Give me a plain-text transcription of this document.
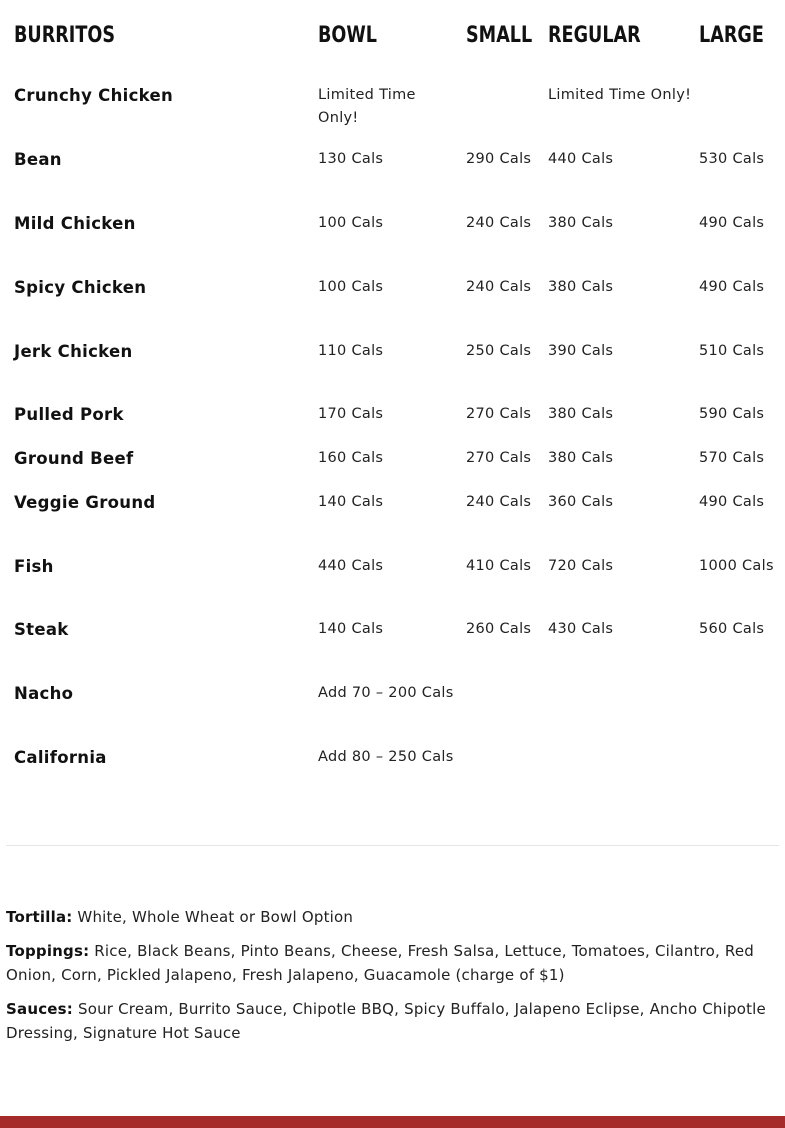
BURRITOS	BOWL	SMALL	REGULAR	LARGE
Crunchy Chicken	Limited Time Only!		Limited Time Only!	
Bean	130 Cals	290 Cals	440 Cals	530 Cals
Mild Chicken	100 Cals	240 Cals	380 Cals	490 Cals
Spicy Chicken	100 Cals	240 Cals	380 Cals	490 Cals
Jerk Chicken	110 Cals	250 Cals	390 Cals	510 Cals
Pulled Pork	170 Cals	270 Cals	380 Cals	590 Cals
Ground Beef	160 Cals	270 Cals	380 Cals	570 Cals
Veggie Ground	140 Cals	240 Cals	360 Cals	490 Cals
Fish	440 Cals	410 Cals	720 Cals	1000 Cals
Steak	140 Cals	260 Cals	430 Cals	560 Cals
Nacho	Add 70 – 200 Cals			
California	Add 80 – 250 Cals			

Tortilla: White, Whole Wheat or Bowl Option

Toppings: Rice, Black Beans, Pinto Beans, Cheese, Fresh Salsa, Lettuce, Tomatoes, Cilantro, Red Onion, Corn, Pickled Jalapeno, Fresh Jalapeno, Guacamole (charge of $1)

Sauces: Sour Cream, Burrito Sauce, Chipotle BBQ, Spicy Buffalo, Jalapeno Eclipse, Ancho Chipotle Dressing, Signature Hot Sauce
